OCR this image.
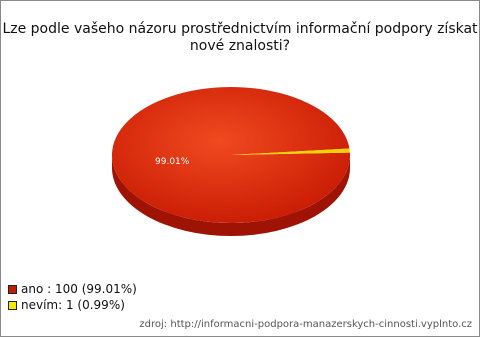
Lze podle vašeho názoru prostřednictvím informační podpory získat
nové znalosti?
99.01%
ano : 100 (99.01%)
nevím: 1 (0.99%)
zdroj: http://informacni-podpora-manazerskych-cinnosti.vyplnto.cz
